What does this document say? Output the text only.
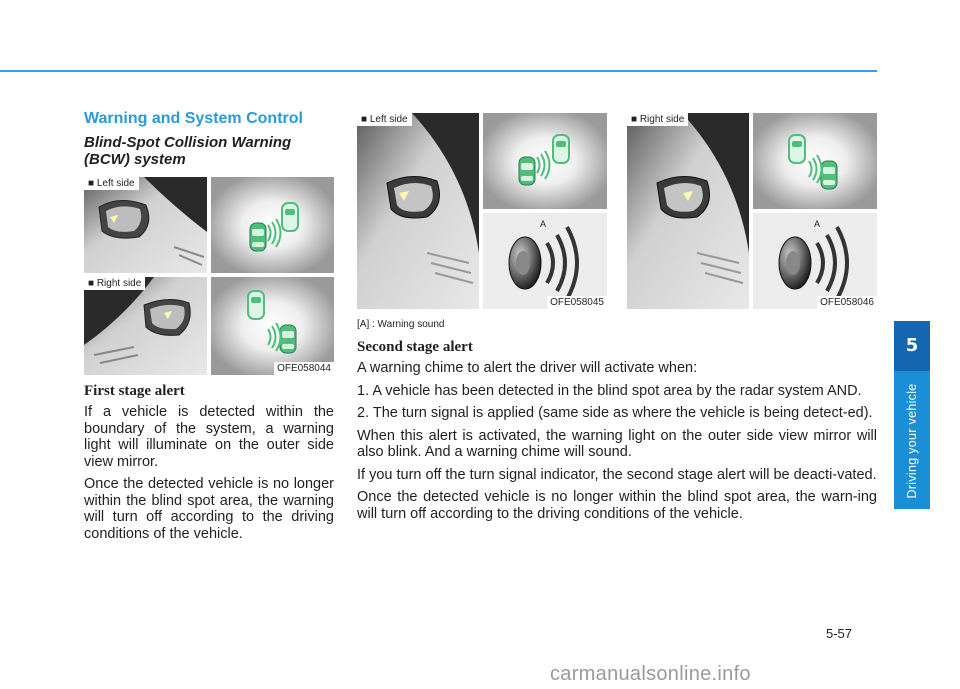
5
Driving your vehicle
Warning and System Control
Blind-Spot Collision Warning (BCW) system
■ Left side
■ Right side
OFE058044
First stage alert

If a vehicle is detected within the boundary of the system, a warning light will illuminate on the outer side view mirror.

Once the detected vehicle is no longer within the blind spot area, the warning will turn off according to the driving conditions of the vehicle.

■ Left side
A
OFE058045
■ Right side
A
OFE058046
[A] : Warning sound
Second stage alert

A warning chime to alert the driver will activate when:

1. A vehicle has been detected in the blind spot area by the radar system AND.
2. The turn signal is applied (same side as where the vehicle is being detect-ed).

When this alert is activated, the warning light on the outer side view mirror will also blink. And a warning chime will sound.

If you turn off the turn signal indicator, the second stage alert will be deacti-vated.

Once the detected vehicle is no longer within the blind spot area, the warn-ing will turn off according to the driving conditions of the vehicle.

5-57
carmanualsonline.info
